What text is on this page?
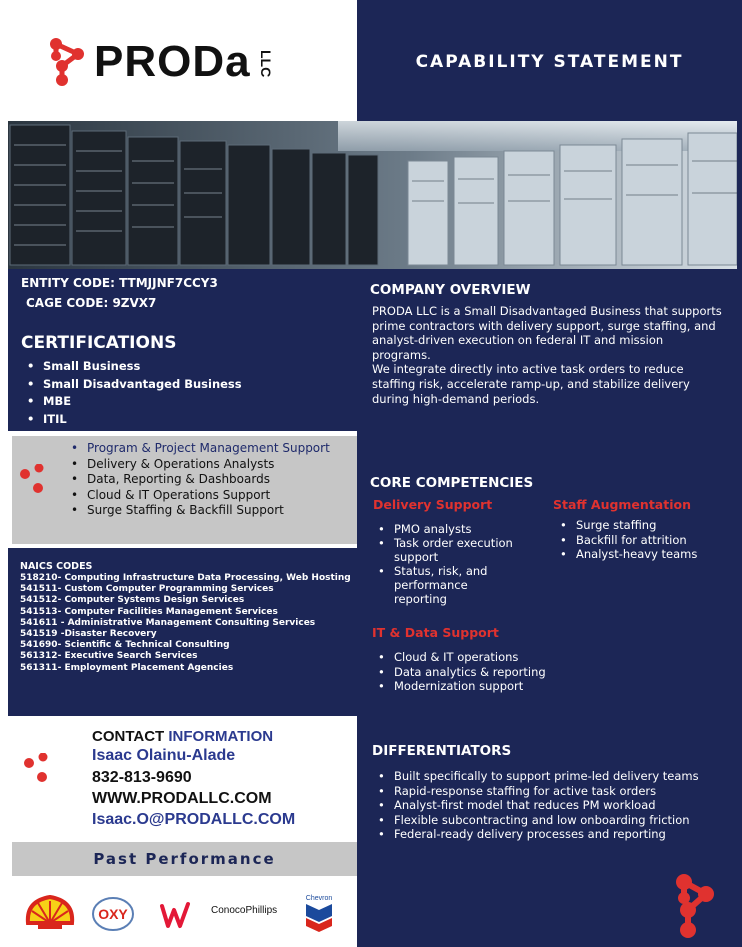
PRODa LLC	CAPABILITY STATEMENT
ENTITY CODE: TTMJJNF7CCY3
CAGE CODE: 9ZVX7
CERTIFICATIONS
• Small Business
• Small Disadvantaged Business
• MBE
• ITIL
• Program & Project Management Support
• Delivery & Operations Analysts
• Data, Reporting & Dashboards
• Cloud & IT Operations Support
• Surge Staffing & Backfill Support
NAICS CODES
518210- Computing Infrastructure Data Processing, Web Hosting
541511- Custom Computer Programming Services
541512- Computer Systems Design Services
541513- Computer Facilities Management Services
541611 - Administrative Management Consulting Services
541519 -Disaster Recovery
541690- Scientific & Technical Consulting
561312- Executive Search Services
561311- Employment Placement Agencies
CONTACT INFORMATION
Isaac Olainu-Alade
832-813-9690
WWW.PRODALLC.COM
Isaac.O@PRODALLC.COM
Past Performance
OXY	ConocoPhillips
Chevron
COMPANY OVERVIEW
PRODA LLC is a Small Disadvantaged Business that supports prime contractors with delivery support, surge staffing, and analyst-driven execution on federal IT and mission programs.
We integrate directly into active task orders to reduce staffing risk, accelerate ramp-up, and stabilize delivery during high-demand periods.
CORE COMPETENCIES
Delivery Support
• PMO analysts
• Task order execution support
• Status, risk, and performance reporting
Staff Augmentation
• Surge staffing
• Backfill for attrition
• Analyst-heavy teams
IT & Data Support
• Cloud & IT operations
• Data analytics & reporting
• Modernization support
DIFFERENTIATORS
• Built specifically to support prime-led delivery teams
• Rapid-response staffing for active task orders
• Analyst-first model that reduces PM workload
• Flexible subcontracting and low onboarding friction
• Federal-ready delivery processes and reporting
